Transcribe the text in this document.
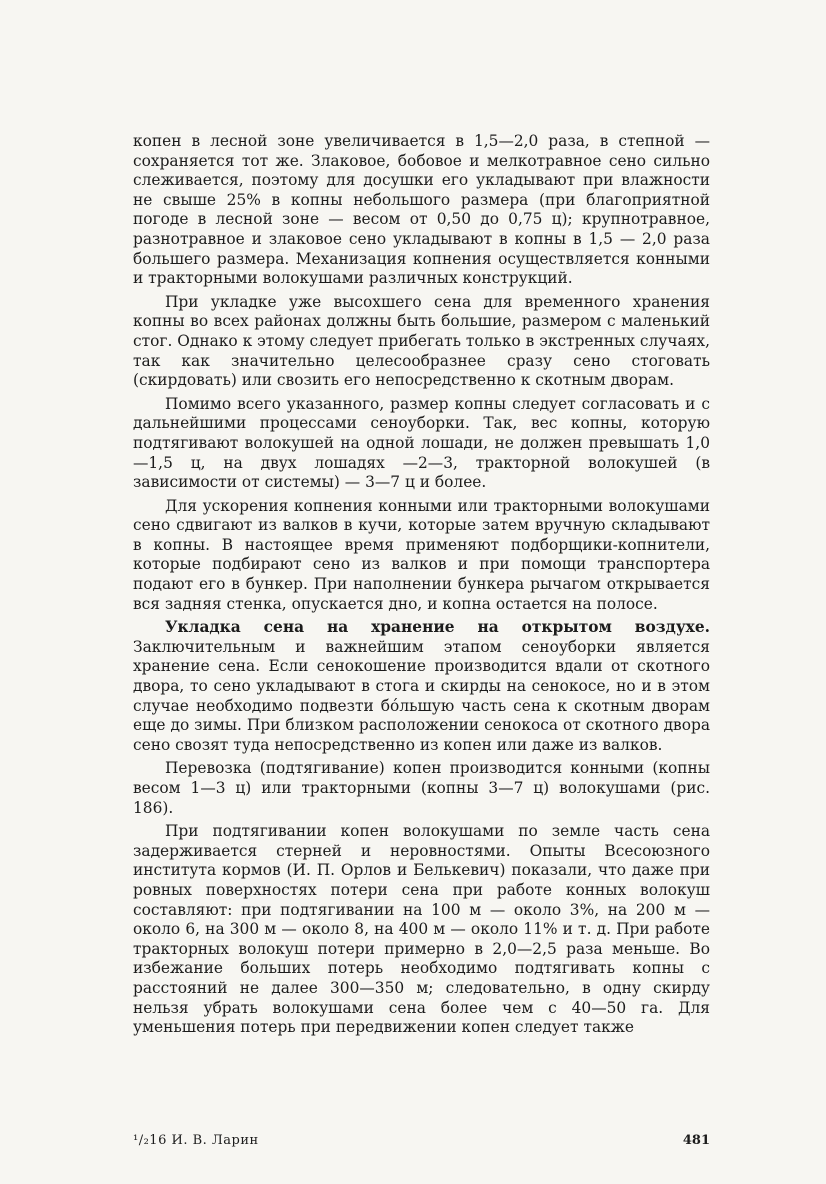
копен в лесной зоне увеличивается в 1,5—2,0 раза, в степной — сохраняется тот же. Злаковое, бобовое и мелкотравное сено сильно слеживается, поэтому для досушки его укладывают при влажности не свыше 25% в копны небольшого размера (при благоприятной погоде в лесной зоне — весом от 0,50 до 0,75 ц); крупнотравное, разнотравное и злаковое сено укладывают в копны в 1,5 — 2,0 раза большего размера. Механизация копнения осуществляется конными и тракторными волокушами различных конструкций.

При укладке уже высохшего сена для временного хранения копны во всех районах должны быть большие, размером с маленький стог. Однако к этому следует прибегать только в экстренных случаях, так как значительно целесообразнее сразу сено стоговать (скирдовать) или свозить его непосредственно к скотным дворам.

Помимо всего указанного, размер копны следует согласовать и с дальнейшими процессами сеноуборки. Так, вес копны, которую подтягивают волокушей на одной лошади, не должен превышать 1,0—1,5 ц, на двух лошадях —2—3, тракторной волокушей (в зависимости от системы) — 3—7 ц и более.

Для ускорения копнения конными или тракторными волокушами сено сдвигают из валков в кучи, которые затем вручную складывают в копны. В настоящее время применяют подборщики-копнители, которые подбирают сено из валков и при помощи транспортера подают его в бункер. При наполнении бункера рычагом открывается вся задняя стенка, опускается дно, и копна остается на полосе.

Укладка сена на хранение на открытом воздухе. Заключительным и важнейшим этапом сеноуборки является хранение сена. Если сенокошение производится вдали от скотного двора, то сено укладывают в стога и скирды на сенокосе, но и в этом случае необходимо подвезти бо́льшую часть сена к скотным дворам еще до зимы. При близком расположении сенокоса от скотного двора сено свозят туда непосредственно из копен или даже из валков.

Перевозка (подтягивание) копен производится конными (копны весом 1—3 ц) или тракторными (копны 3—7 ц) волокушами (рис. 186).

При подтягивании копен волокушами по земле часть сена задерживается стерней и неровностями. Опыты Всесоюзного института кормов (И. П. Орлов и Белькевич) показали, что даже при ровных поверхностях потери сена при работе конных волокуш составляют: при подтягивании на 100 м — около 3%, на 200 м — около 6, на 300 м — около 8, на 400 м — около 11% и т. д. При работе тракторных волокуш потери примерно в 2,0—2,5 раза меньше. Во избежание больших потерь необходимо подтягивать копны с расстояний не далее 300—350 м; следовательно, в одну скирду нельзя убрать волокушами сена более чем с 40—50 га. Для уменьшения потерь при передвижении копен следует также

¹/₂16 И. В. Ларин	481
